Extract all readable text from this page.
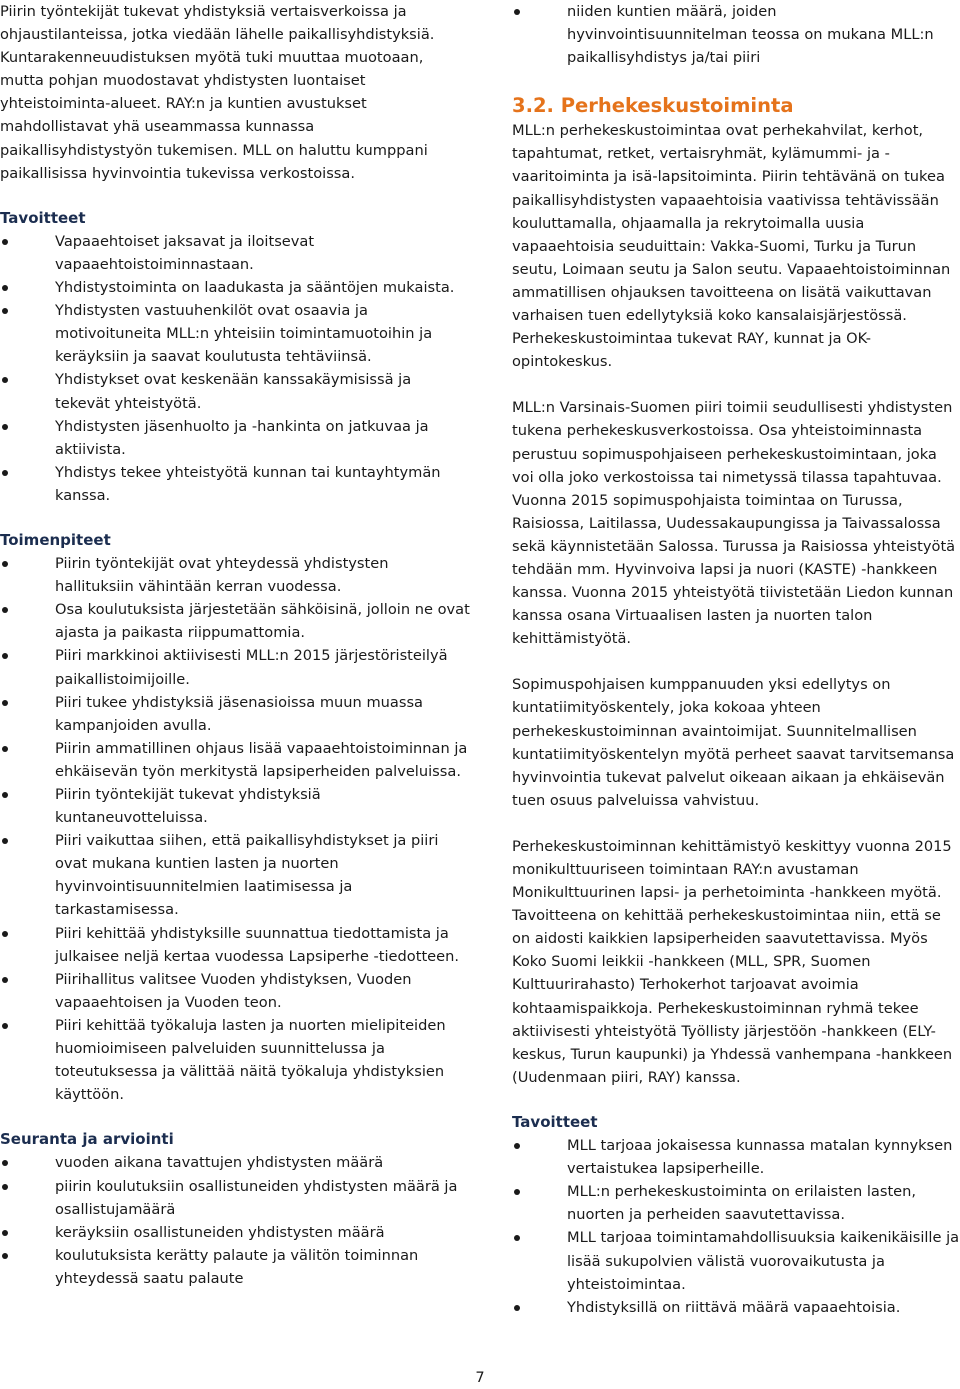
Piirin työntekijät tukevat yhdistyksiä vertaisverkoissa ja ohjaustilanteissa, jotka viedään lähelle paikallisyhdistyksiä. Kuntarakenneuudistuksen myötä tuki muuttaa muotoaan, mutta pohjan muodostavat yhdistysten luontaiset yhteistoiminta-alueet. RAY:n ja kuntien avustukset mahdollistavat yhä useammassa kunnassa paikallisyhdistystyön tukemisen. MLL on haluttu kumppani paikallisissa hyvinvointia tukevissa verkostoissa.

Tavoitteet
Vapaaehtoiset jaksavat ja iloitsevat vapaaehtoistoiminnastaan.
Yhdistystoiminta on laadukasta ja sääntöjen mukaista.
Yhdistysten vastuuhenkilöt ovat osaavia ja motivoituneita MLL:n yhteisiin toimintamuotoihin ja keräyksiin ja saavat koulutusta tehtäviinsä.
Yhdistykset ovat keskenään kanssakäymisissä ja tekevät yhteistyötä.
Yhdistysten jäsenhuolto ja -hankinta on jatkuvaa ja aktiivista.
Yhdistys tekee yhteistyötä kunnan tai kuntayhtymän kanssa.
Toimenpiteet
Piirin työntekijät ovat yhteydessä yhdistysten hallituksiin vähintään kerran vuodessa.
Osa koulutuksista järjestetään sähköisinä, jolloin ne ovat ajasta ja paikasta riippumattomia.
Piiri markkinoi aktiivisesti MLL:n 2015 järjestöristeilyä paikallistoimijoille.
Piiri tukee yhdistyksiä jäsenasioissa muun muassa kampanjoiden avulla.
Piirin ammatillinen ohjaus lisää vapaaehtoistoiminnan ja ehkäisevän työn merkitystä lapsiperheiden palveluissa.
Piirin työntekijät tukevat yhdistyksiä kuntaneuvotteluissa.
Piiri vaikuttaa siihen, että paikallisyhdistykset ja piiri ovat mukana kuntien lasten ja nuorten hyvinvointisuunnitelmien laatimisessa ja tarkastamisessa.
Piiri kehittää yhdistyksille suunnattua tiedottamista ja julkaisee neljä kertaa vuodessa Lapsiperhe -tiedotteen.
Piirihallitus valitsee Vuoden yhdistyksen, Vuoden vapaaehtoisen ja Vuoden teon.
Piiri kehittää työkaluja lasten ja nuorten mielipiteiden huomioimiseen palveluiden suunnittelussa ja toteutuksessa ja välittää näitä työkaluja yhdistyksien käyttöön.
Seuranta ja arviointi
vuoden aikana tavattujen yhdistysten määrä
piirin koulutuksiin osallistuneiden yhdistysten määrä ja osallistujamäärä
keräyksiin osallistuneiden yhdistysten määrä
koulutuksista kerätty palaute ja välitön toiminnan yhteydessä saatu palaute
niiden kuntien määrä, joiden hyvinvointisuunnitelman teossa on mukana MLL:n paikallisyhdistys ja/tai piiri
3.2. Perhekeskustoiminta

MLL:n perhekeskustoimintaa ovat perhekahvilat, kerhot, tapahtumat, retket, vertaisryhmät, kylämummi- ja -vaaritoiminta ja isä-lapsitoiminta. Piirin tehtävänä on tukea paikallisyhdistysten vapaaehtoisia vaativissa tehtävissään kouluttamalla, ohjaamalla ja rekrytoimalla uusia vapaaehtoisia seuduittain: Vakka-Suomi, Turku ja Turun seutu, Loimaan seutu ja Salon seutu. Vapaaehtoistoiminnan ammatillisen ohjauksen tavoitteena on lisätä vaikuttavan varhaisen tuen edellytyksiä koko kansalaisjärjestössä. Perhekeskustoimintaa tukevat RAY, kunnat ja OK-opintokeskus.

MLL:n Varsinais-Suomen piiri toimii seudullisesti yhdistysten tukena perhekeskusverkostoissa. Osa yhteistoiminnasta perustuu sopimuspohjaiseen perhekeskustoimintaan, joka voi olla joko verkostoissa tai nimetyssä tilassa tapahtuvaa. Vuonna 2015 sopimuspohjaista toimintaa on Turussa, Raisiossa, Laitilassa, Uudessakaupungissa ja Taivassalossa sekä käynnistetään Salossa. Turussa ja Raisiossa yhteistyötä tehdään mm. Hyvinvoiva lapsi ja nuori (KASTE) -hankkeen kanssa. Vuonna 2015 yhteistyötä tiivistetään Liedon kunnan kanssa osana Virtuaalisen lasten ja nuorten talon kehittämistyötä.

Sopimuspohjaisen kumppanuuden yksi edellytys on kuntatiimityöskentely, joka kokoaa yhteen perhekeskustoiminnan avaintoimijat. Suunnitelmallisen kuntatiimityöskentelyn myötä perheet saavat tarvitsemansa hyvinvointia tukevat palvelut oikeaan aikaan ja ehkäisevän tuen osuus palveluissa vahvistuu.

Perhekeskustoiminnan kehittämistyö keskittyy vuonna 2015 monikulttuuriseen toimintaan RAY:n avustaman Monikulttuurinen lapsi- ja perhetoiminta -hankkeen myötä. Tavoitteena on kehittää perhekeskustoimintaa niin, että se on aidosti kaikkien lapsiperheiden saavutettavissa. Myös Koko Suomi leikkii -hankkeen (MLL, SPR, Suomen Kulttuurirahasto) Terhokerhot tarjoavat avoimia kohtaamispaikkoja. Perhekeskustoiminnan ryhmä tekee aktiivisesti yhteistyötä Työllisty järjestöön -hankkeen (ELY-keskus, Turun kaupunki) ja Yhdessä vanhempana -hankkeen (Uudenmaan piiri, RAY) kanssa.

Tavoitteet
MLL tarjoaa jokaisessa kunnassa matalan kynnyksen vertaistukea lapsiperheille.
MLL:n perhekeskustoiminta on erilaisten lasten, nuorten ja perheiden saavutettavissa.
MLL tarjoaa toimintamahdollisuuksia kaikenikäisille ja lisää sukupolvien välistä vuorovaikutusta ja yhteistoimintaa.
Yhdistyksillä on riittävä määrä vapaaehtoisia.
7
